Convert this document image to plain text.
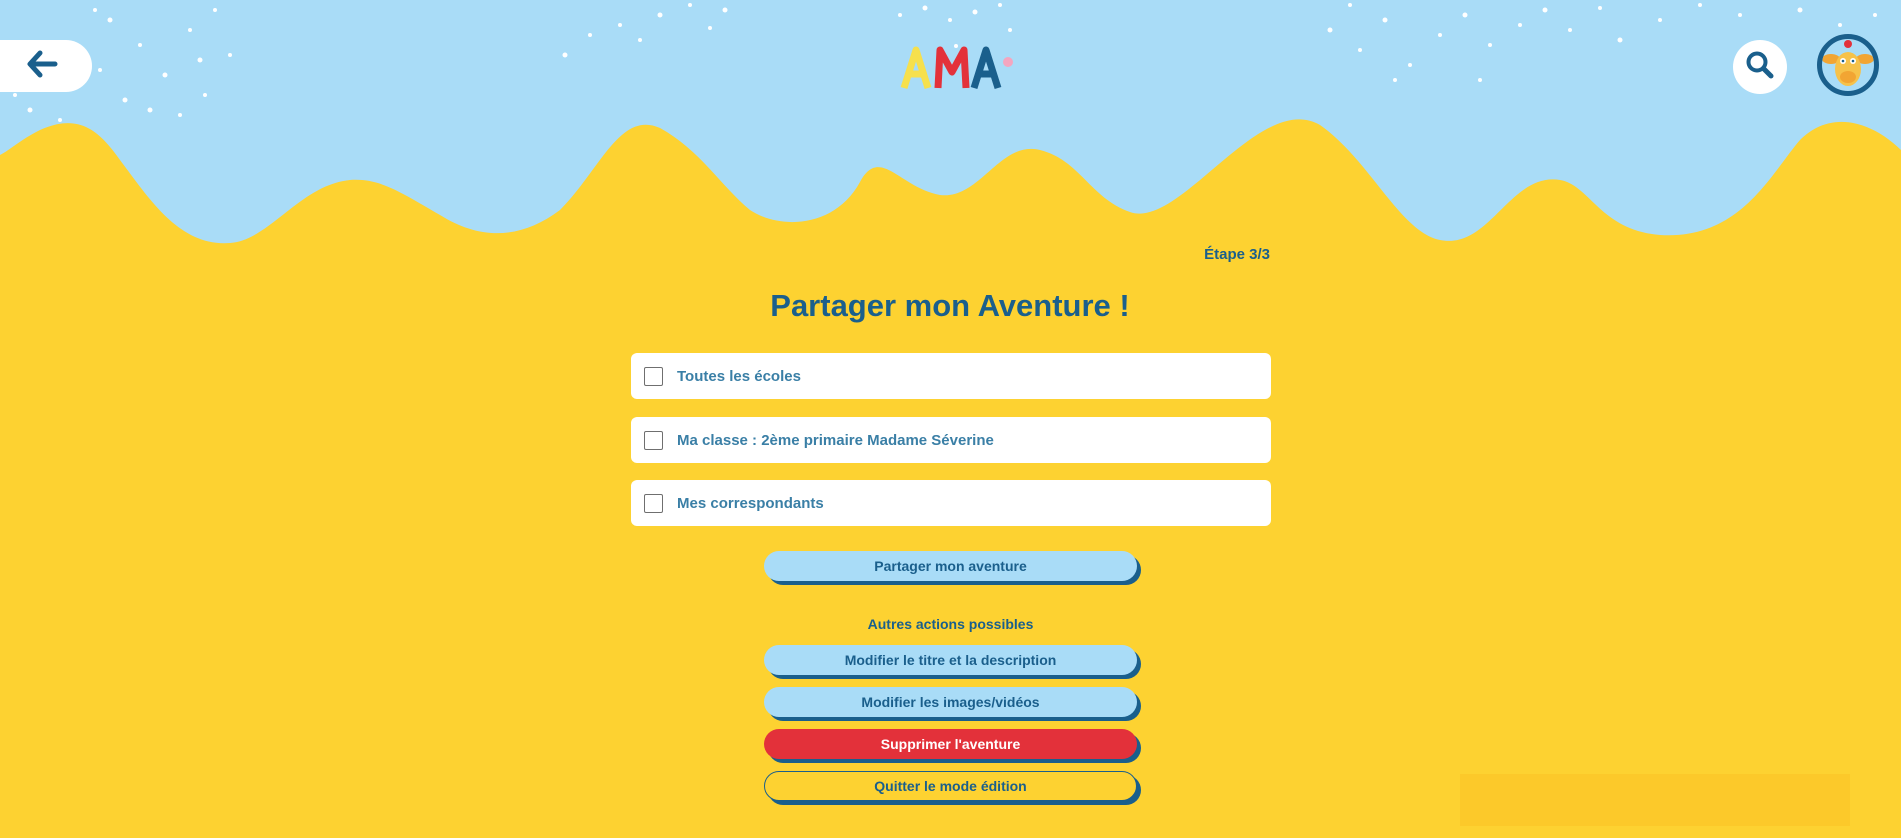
Étape 3/3
Partager mon Aventure !
Toutes les écoles
Ma classe : 2ème primaire Madame Séverine
Mes correspondants
Partager mon aventure
Autres actions possibles
Modifier le titre et la description
Modifier les images/vidéos
Supprimer l'aventure
Quitter le mode édition
